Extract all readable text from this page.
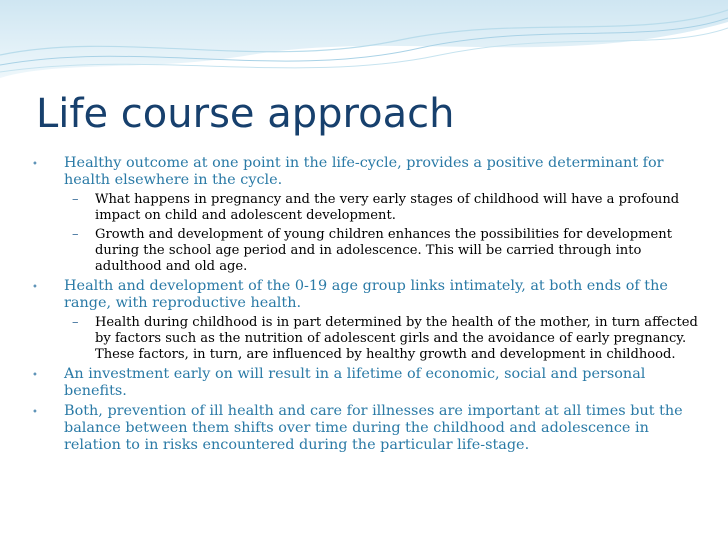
Life course approach
• Healthy outcome at one point in the life-cycle, provides a positive determinant for health elsewhere in the cycle.
– What happens in pregnancy and the very early stages of childhood will have a profound impact on child and adolescent development.
– Growth and development of young children enhances the possibilities for development during the school age period and in adolescence. This will be carried through into adulthood and old age.
• Health and development of the 0-19 age group links intimately, at both ends of the range, with reproductive health.
– Health during childhood is in part determined by the health of the mother, in turn affected by factors such as the nutrition of adolescent girls and the avoidance of early pregnancy. These factors, in turn, are influenced by healthy growth and development in childhood.
• An investment early on will result in a lifetime of economic, social and personal benefits.
• Both, prevention of ill health and care for illnesses are important at all times but the balance between them shifts over time during the childhood and adolescence in relation to in risks encountered during the particular life-stage.
